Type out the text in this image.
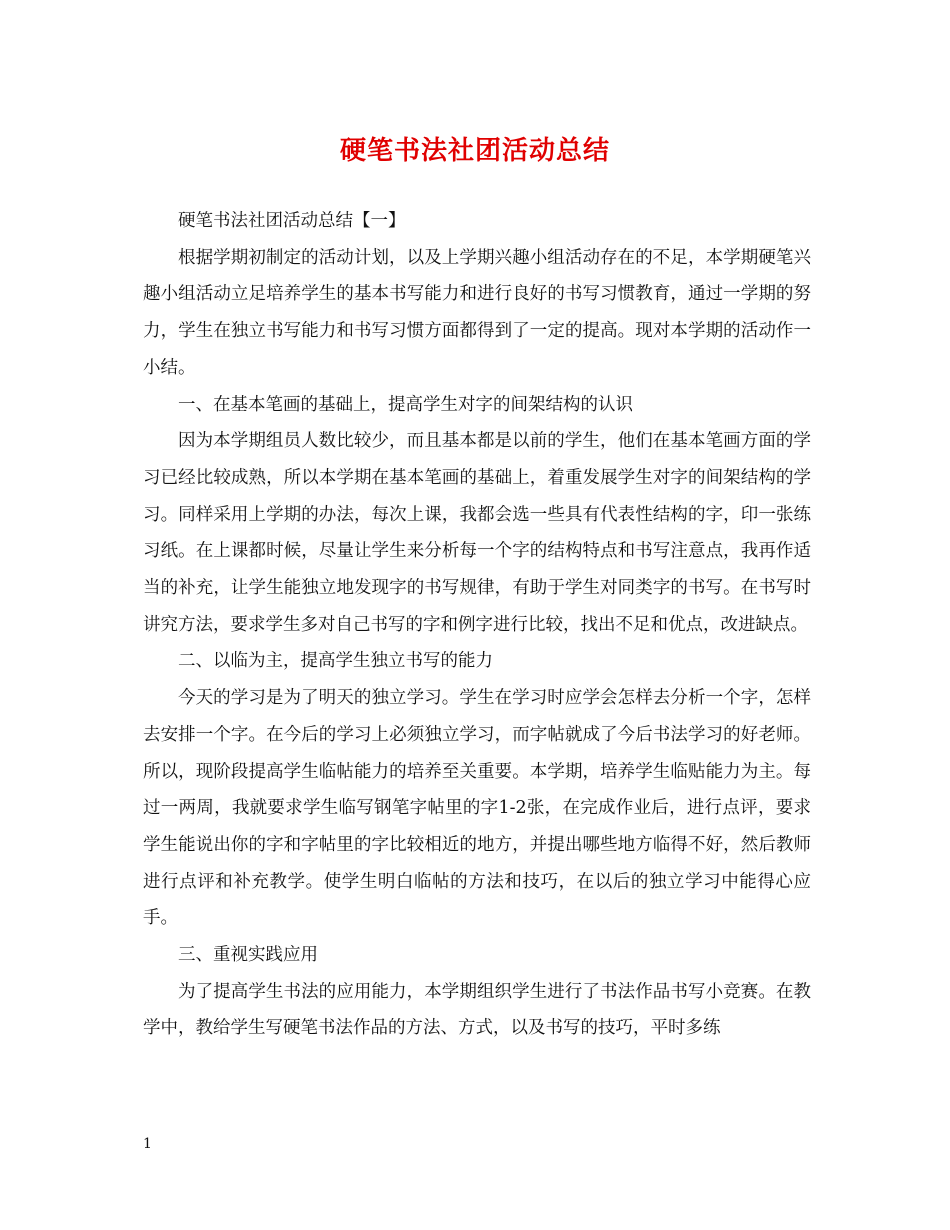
硬笔书法社团活动总结

硬笔书法社团活动总结【一】

根据学期初制定的活动计划，以及上学期兴趣小组活动存在的不足，本学期硬笔兴趣小组活动立足培养学生的基本书写能力和进行良好的书写习惯教育，通过一学期的努力，学生在独立书写能力和书写习惯方面都得到了一定的提高。现对本学期的活动作一小结。

一、在基本笔画的基础上，提高学生对字的间架结构的认识

因为本学期组员人数比较少，而且基本都是以前的学生，他们在基本笔画方面的学习已经比较成熟，所以本学期在基本笔画的基础上，着重发展学生对字的间架结构的学习。同样采用上学期的办法，每次上课，我都会选一些具有代表性结构的字，印一张练习纸。在上课都时候，尽量让学生来分析每一个字的结构特点和书写注意点，我再作适当的补充，让学生能独立地发现字的书写规律，有助于学生对同类字的书写。在书写时讲究方法，要求学生多对自己书写的字和例字进行比较，找出不足和优点，改进缺点。

二、以临为主，提高学生独立书写的能力

今天的学习是为了明天的独立学习。学生在学习时应学会怎样去分析一个字，怎样去安排一个字。在今后的学习上必须独立学习，而字帖就成了今后书法学习的好老师。所以，现阶段提高学生临帖能力的培养至关重要。本学期，培养学生临贴能力为主。每过一两周，我就要求学生临写钢笔字帖里的字1-2张，在完成作业后，进行点评，要求学生能说出你的字和字帖里的字比较相近的地方，并提出哪些地方临得不好，然后教师进行点评和补充教学。使学生明白临帖的方法和技巧，在以后的独立学习中能得心应手。

三、重视实践应用

为了提高学生书法的应用能力，本学期组织学生进行了书法作品书写小竞赛。在教学中，教给学生写硬笔书法作品的方法、方式，以及书写的技巧，平时多练

1
